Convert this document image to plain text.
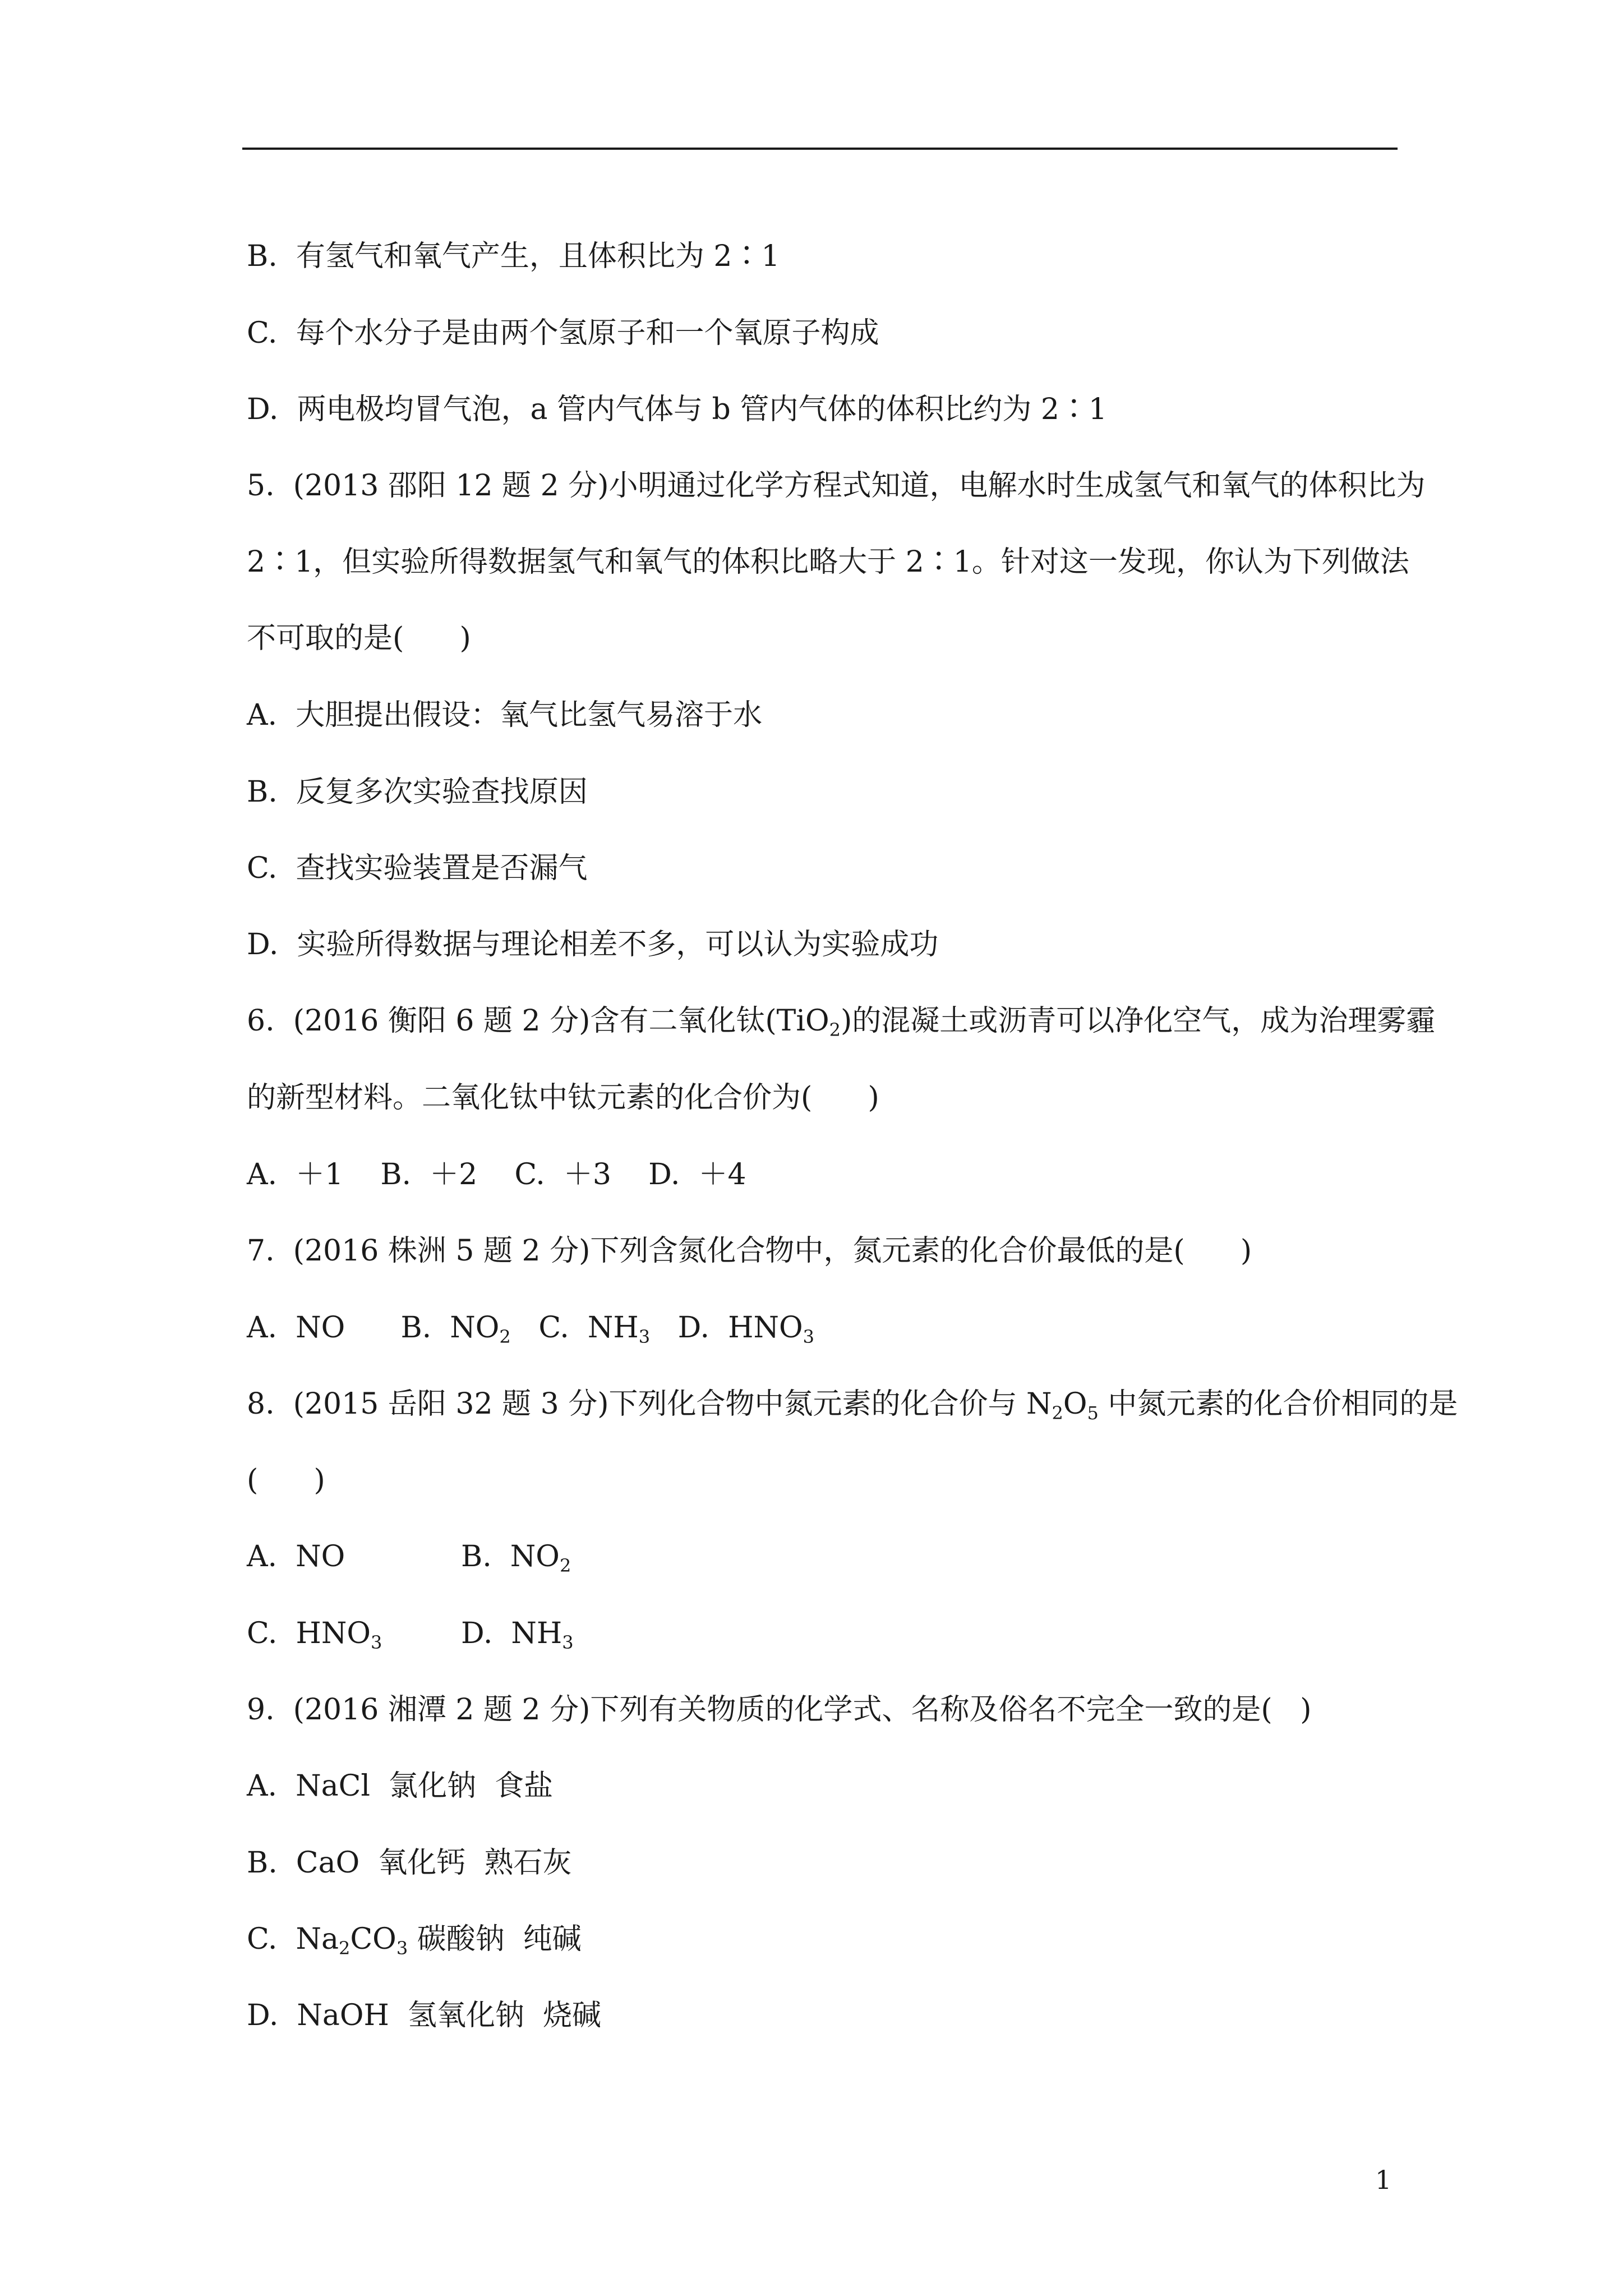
B. 有氢气和氧气产生，且体积比为 2∶1
C. 每个水分子是由两个氢原子和一个氧原子构成
D. 两电极均冒气泡，a 管内气体与 b 管内气体的体积比约为 2∶1
5.  (2013 邵阳 12 题 2 分)小明通过化学方程式知道，电解水时生成氢气和氧气的体积比为
2∶1，但实验所得数据氢气和氧气的体积比略大于 2∶1。针对这一发现，你认为下列做法
不可取的是(      )
A.  大胆提出假设：氧气比氢气易溶于水
B.  反复多次实验查找原因
C.  查找实验装置是否漏气
D.  实验所得数据与理论相差不多，可以认为实验成功
6.  (2016 衡阳 6 题 2 分)含有二氧化钛(TiO$_2$)的混凝土或沥青可以净化空气，成为治理雾霾
的新型材料。二氧化钛中钛元素的化合价为(      )
A.  ＋1    B.  ＋2    C.  ＋3    D.  ＋4
7.  (2016 株洲 5 题 2 分)下列含氮化合物中，氮元素的化合价最低的是(      )
A.  NO      B.  $NO_2$   C.  $NH_3$   D.  $HNO_3$
8.  (2015 岳阳 32 题 3 分)下列化合物中氮元素的化合价与 $N_2O_5$ 中氮元素的化合价相同的是
(      )
A.  NO	B.  $NO_2$
C.  $HNO_3$	D.  $NH_3$
9.  (2016 湘潭 2 题 2 分)下列有关物质的化学式、名称及俗名不完全一致的是(   )
A.  NaCl  氯化钠  食盐
B.  CaO  氧化钙  熟石灰
C.  $Na_2CO_3$ 碳酸钠  纯碱
D.  NaOH  氢氧化钠  烧碱
1
